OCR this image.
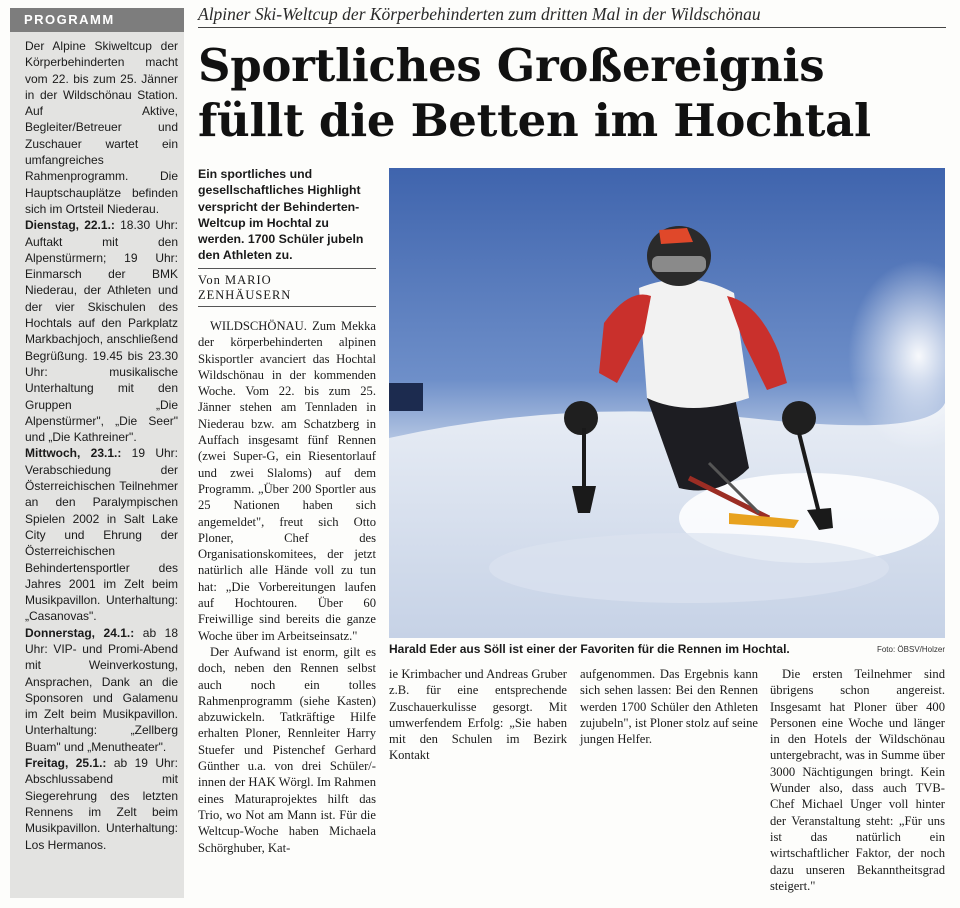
PROGRAMM

Der Alpine Skiweltcup der Körperbehinderten macht vom 22. bis zum 25. Jänner in der Wildschönau Station. Auf Aktive, Begleiter/Betreuer und Zuschauer wartet ein umfangreiches Rahmenprogramm. Die Hauptschauplätze befinden sich im Ortsteil Niederau.

Dienstag, 22.1.: 18.30 Uhr: Auftakt mit den Alpenstürmern; 19 Uhr: Einmarsch der BMK Niederau, der Athleten und der vier Skischulen des Hochtals auf den Parkplatz Markbachjoch, anschließend Begrüßung. 19.45 bis 23.30 Uhr: musikalische Unterhaltung mit den Gruppen „Die Alpenstürmer", „Die Seer" und „Die Kathreiner".

Mittwoch, 23.1.: 19 Uhr: Verabschiedung der Österreichischen Teilnehmer an den Paralympischen Spielen 2002 in Salt Lake City und Ehrung der Österreichischen Behindertensportler des Jahres 2001 im Zelt beim Musikpavillon. Unterhaltung: „Casanovas".

Donnerstag, 24.1.: ab 18 Uhr: VIP- und Promi-Abend mit Weinverkostung, Ansprachen, Dank an die Sponsoren und Galamenu im Zelt beim Musikpavillon. Unterhaltung: „Zellberg Buam" und „Menutheater".

Freitag, 25.1.: ab 19 Uhr: Abschlussabend mit Siegerehrung des letzten Rennens im Zelt beim Musikpavillon. Unterhaltung: Los Hermanos.

Alpiner Ski-Weltcup der Körperbehinderten zum dritten Mal in der Wildschönau
Sportliches Großereignis
füllt die Betten im Hochtal
Ein sportliches und gesellschaftliches Highlight verspricht der Behinderten-Weltcup im Hochtal zu werden. 1700 Schüler jubeln den Athleten zu.
Von MARIO
ZENHÄUSERN

WILDSCHÖNAU. Zum Mekka der körperbehinderten alpinen Skisportler avanciert das Hochtal Wildschönau in der kommenden Woche. Vom 22. bis zum 25. Jänner stehen am Tennladen in Niederau bzw. am Schatzberg in Auffach insgesamt fünf Rennen (zwei Super-G, ein Riesentorlauf und zwei Slaloms) auf dem Programm. „Über 200 Sportler aus 25 Nationen haben sich angemeldet", freut sich Otto Ploner, Chef des Organisationskomitees, der jetzt natürlich alle Hände voll zu tun hat: „Die Vorbereitungen laufen auf Hochtouren. Über 60 Freiwillige sind bereits die ganze Woche über im Arbeitseinsatz."

Der Aufwand ist enorm, gilt es doch, neben den Rennen selbst auch noch ein tolles Rahmenprogramm (siehe Kasten) abzuwickeln. Tatkräftige Hilfe erhalten Ploner, Rennleiter Harry Stuefer und Pistenchef Gerhard Günther u.a. von drei Schüler/-innen der HAK Wörgl. Im Rahmen eines Maturaprojektes hilft das Trio, wo Not am Mann ist. Für die Weltcup-Woche haben Michaela Schörghuber, Kat-

Harald Eder aus Söll ist einer der Favoriten für die Rennen im Hochtal.	Foto: ÖBSV/Holzer

ie Krimbacher und Andreas Gruber z.B. für eine entsprechende Zuschauerkulisse gesorgt. Mit umwerfendem Erfolg: „Sie haben mit den Schulen im Bezirk Kontakt

aufgenommen. Das Ergebnis kann sich sehen lassen: Bei den Rennen werden 1700 Schüler den Athleten zujubeln", ist Ploner stolz auf seine jungen Helfer.

Die ersten Teilnehmer sind übrigens schon angereist. Insgesamt hat Ploner über 400 Personen eine Woche und länger in den Hotels der Wildschönau untergebracht, was in Summe über 3000 Nächtigungen bringt. Kein Wunder also, dass auch TVB-Chef Michael Unger voll hinter der Veranstaltung steht: „Für uns ist das natürlich ein wirtschaftlicher Faktor, der noch dazu unseren Bekanntheitsgrad steigert."
